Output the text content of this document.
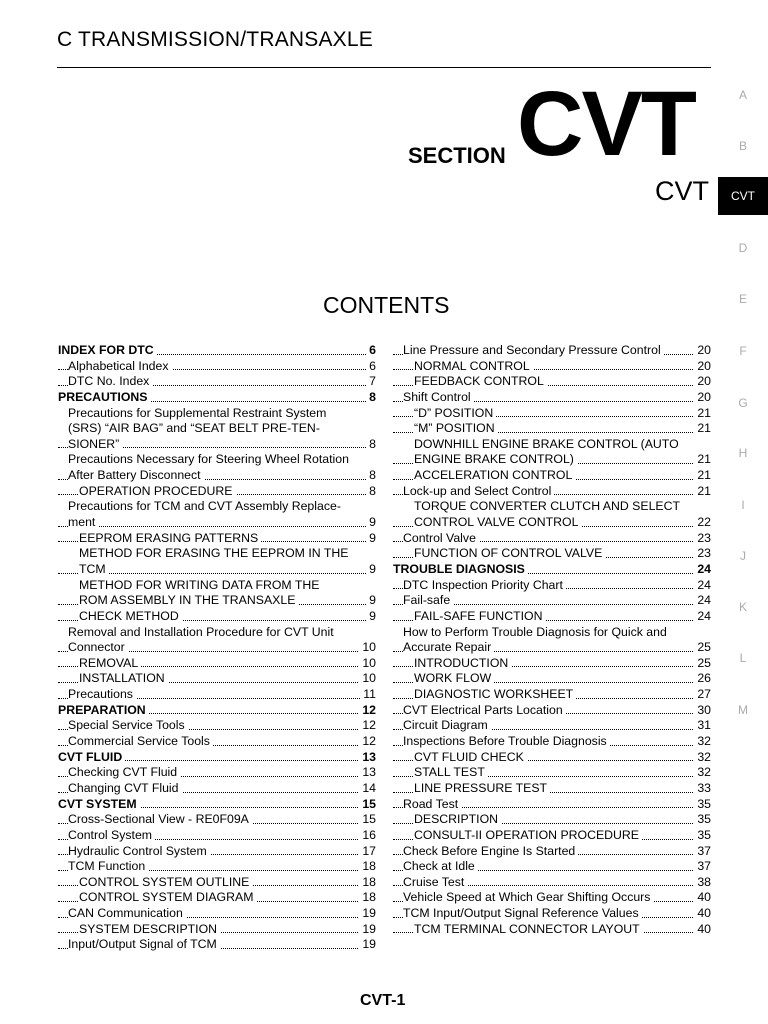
C TRANSMISSION/TRANSAXLE
SECTION CVT
CVT
A
B
CVT
D
E
F
G
H
I
J
K
L
M
CONTENTS
INDEX FOR DTC	6
Alphabetical Index	6
DTC No. Index	7
PRECAUTIONS	8
Precautions for Supplemental Restraint System
(SRS) “AIR BAG” and “SEAT BELT PRE-TEN-
SIONER”	8
Precautions Necessary for Steering Wheel Rotation
After Battery Disconnect	8
OPERATION PROCEDURE	8
Precautions for TCM and CVT Assembly Replace-
ment	9
EEPROM ERASING PATTERNS	9
METHOD FOR ERASING THE EEPROM IN THE
TCM	9
METHOD FOR WRITING DATA FROM THE
ROM ASSEMBLY IN THE TRANSAXLE	9
CHECK METHOD	9
Removal and Installation Procedure for CVT Unit
Connector	10
REMOVAL	10
INSTALLATION	10
Precautions	11
PREPARATION	12
Special Service Tools	12
Commercial Service Tools	12
CVT FLUID	13
Checking CVT Fluid	13
Changing CVT Fluid	14
CVT SYSTEM	15
Cross-Sectional View - RE0F09A	15
Control System	16
Hydraulic Control System	17
TCM Function	18
CONTROL SYSTEM OUTLINE	18
CONTROL SYSTEM DIAGRAM	18
CAN Communication	19
SYSTEM DESCRIPTION	19
Input/Output Signal of TCM	19
Line Pressure and Secondary Pressure Control	20
NORMAL CONTROL	20
FEEDBACK CONTROL	20
Shift Control	20
“D” POSITION	21
“M” POSITION	21
DOWNHILL ENGINE BRAKE CONTROL (AUTO
ENGINE BRAKE CONTROL)	21
ACCELERATION CONTROL	21
Lock-up and Select Control	21
TORQUE CONVERTER CLUTCH AND SELECT
CONTROL VALVE CONTROL	22
Control Valve	23
FUNCTION OF CONTROL VALVE	23
TROUBLE DIAGNOSIS	24
DTC Inspection Priority Chart	24
Fail-safe	24
FAIL-SAFE FUNCTION	24
How to Perform Trouble Diagnosis for Quick and
Accurate Repair	25
INTRODUCTION	25
WORK FLOW	26
DIAGNOSTIC WORKSHEET	27
CVT Electrical Parts Location	30
Circuit Diagram	31
Inspections Before Trouble Diagnosis	32
CVT FLUID CHECK	32
STALL TEST	32
LINE PRESSURE TEST	33
Road Test	35
DESCRIPTION	35
CONSULT-II OPERATION PROCEDURE	35
Check Before Engine Is Started	37
Check at Idle	37
Cruise Test	38
Vehicle Speed at Which Gear Shifting Occurs	40
TCM Input/Output Signal Reference Values	40
TCM TERMINAL CONNECTOR LAYOUT	40
CVT-1
